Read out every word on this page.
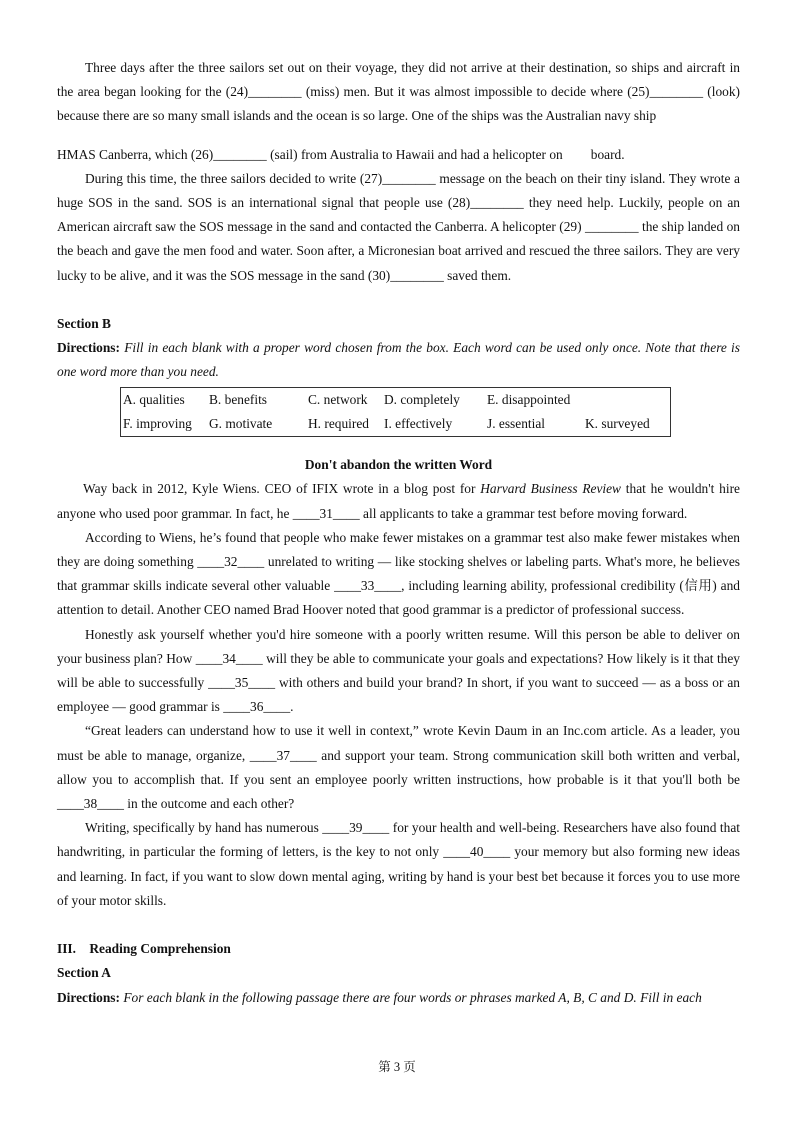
Three days after the three sailors set out on their voyage, they did not arrive at their destination, so ships and aircraft in the area began looking for the (24)________ (miss) men. But it was almost impossible to decide where (25)________ (look) because there are so many small islands and the ocean is so large. One of the ships was the Australian navy ship

HMAS Canberra, which (26)________ (sail) from Australia to Hawaii and had a helicopter on board.

During this time, the three sailors decided to write (27)________ message on the beach on their tiny island. They wrote a huge SOS in the sand. SOS is an international signal that people use (28)________ they need help. Luckily, people on an American aircraft saw the SOS message in the sand and contacted the Canberra. A helicopter (29) ________ the ship landed on the beach and gave the men food and water. Soon after, a Micronesian boat arrived and rescued the three sailors. They are very lucky to be alive, and it was the SOS message in the sand (30)________ saved them.

Section B

Directions: Fill in each blank with a proper word chosen from the box. Each word can be used only once. Note that there is one word more than you need.

A. qualities	B. benefits	C. network	D. completely	E. disappointed	
F. improving	G. motivate	H. required	I. effectively	J. essential	K. surveyed

Don't abandon the written Word

Way back in 2012, Kyle Wiens. CEO of IFIX wrote in a blog post for Harvard Business Review that he wouldn't hire anyone who used poor grammar. In fact, he ____31____ all applicants to take a grammar test before moving forward.

According to Wiens, he’s found that people who make fewer mistakes on a grammar test also make fewer mistakes when they are doing something ____32____ unrelated to writing — like stocking shelves or labeling parts. What's more, he believes that grammar skills indicate several other valuable ____33____, including learning ability, professional credibility (信用) and attention to detail. Another CEO named Brad Hoover noted that good grammar is a predictor of professional success.

Honestly ask yourself whether you'd hire someone with a poorly written resume. Will this person be able to deliver on your business plan? How ____34____ will they be able to communicate your goals and expectations? How likely is it that they will be able to successfully ____35____ with others and build your brand? In short, if you want to succeed — as a boss or an employee — good grammar is ____36____.

“Great leaders can understand how to use it well in context,” wrote Kevin Daum in an Inc.com article. As a leader, you must be able to manage, organize, ____37____ and support your team. Strong communication skill both written and verbal, allow you to accomplish that. If you sent an employee poorly written instructions, how probable is it that you'll both be ____38____ in the outcome and each other?

Writing, specifically by hand has numerous ____39____ for your health and well-being. Researchers have also found that handwriting, in particular the forming of letters, is the key to not only ____40____ your memory but also forming new ideas and learning. In fact, if you want to slow down mental aging, writing by hand is your best bet because it forces you to use more of your motor skills.

III. Reading Comprehension

Section A

Directions: For each blank in the following passage there are four words or phrases marked A, B, C and D. Fill in each

第 3 页
